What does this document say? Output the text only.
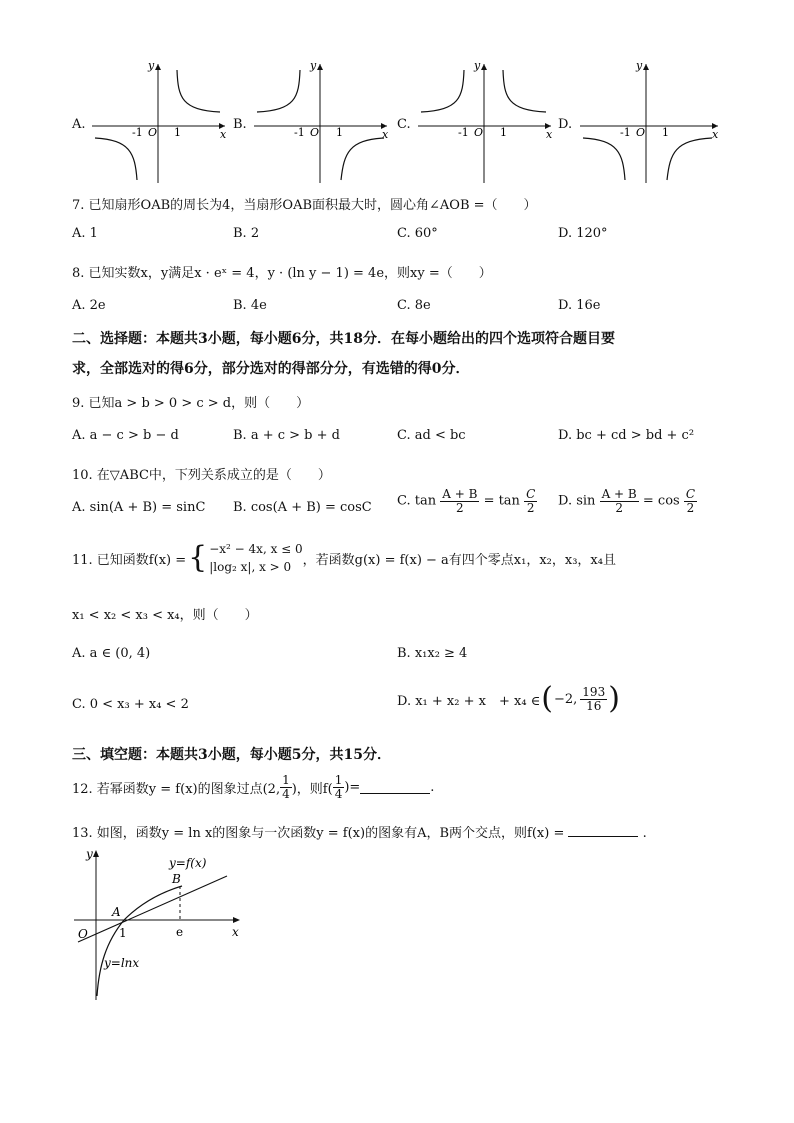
A.
y
x
-1 O 1
B.
y
x
-1 O 1
C.
y
x
-1 O 1
D.
y
x
-1 O 1
7. 已知扇形OAB的周长为4，当扇形OAB面积最大时，圆心角∠AOB =（　　）
A. 1	B. 2	C. 60°	D. 120°
8. 已知实数x，y满足x · eˣ = 4，y · (ln y − 1) = 4e，则xy =（　　）
A. 2e	B. 4e	C. 8e	D. 16e
二、选择题：本题共3小题，每小题6分，共18分．在每小题给出的四个选项符合题目要
求，全部选对的得6分，部分选对的得部分分，有选错的得0分．
9. 已知a > b > 0 > c > d，则（　　）
A. a − c > b − d	B. a + c > b + d	C. ad < bc	D. bc + cd > bd + c²
10. 在▽ABC中，下列关系成立的是（　　）
A. sin(A + B) = sinC B. cos(A + B) = cosC C. $\tan \frac{A + B}{2} = \tan \frac{C}{2} D$. $\sin \frac{A + B}{2} = \cos \frac{C}{2}$
11. 已知函数f(x) = { −x² − 4x, x ≤ 0
|log₂ x|, x > 0 ，若函数g(x) = f(x) − a有四个零点x₁，x₂，x₃，x₄且
x₁ < x₂ < x₃ < x₄，则（　　）
A. a ∈ (0, 4)	B. x₁x₂ ≥ 4
C. 0 < x₃ + x₄ < 2	D. x₁ + x₂ + x　+ x₄ ∈ ( −2, $\frac{193}{16}$ )
三、填空题：本题共3小题，每小题5分，共15分．
12. 若幂函数y = f(x)的图象过点(2, $\frac{1}{4}$ )，则$f( \frac{1}{4}$ )=	.
13. 如图，函数y = ln x的图象与一次函数y = f(x)的图象有A，B两个交点，则f(x) =	.
y
x
O	1	e
A
B
y=f(x)
y=lnx
